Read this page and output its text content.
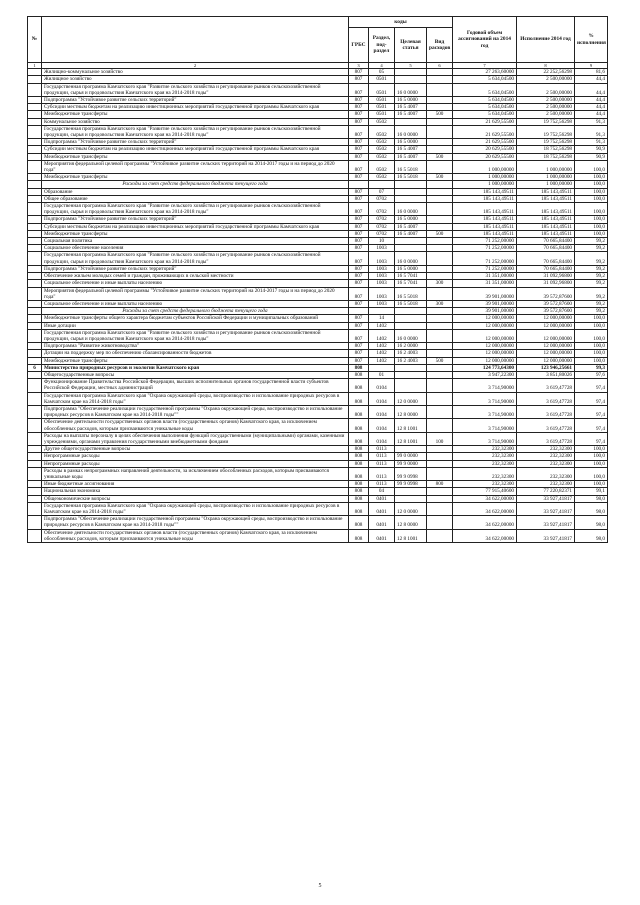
№		коды				Годовой объем ассигнований на 2014 год	Исполнение 2014 год	% исполнения
		ГРБС	Раздел, под-раздел	Целевая статья	Вид расходов			
1	2	3	4	5	6	7	8	9
	Жилищно-коммунальное хозяйство	807	05			27 263,60000	22 252,56298	81,6
	Жилищное хозяйство	807	0501			5 634,04500	2 500,00000	44,4
	Государственная программа Камчатского края "Развитие сельского хозяйства и регулирование рынков сельскохозяйственной продукции, сырья и продовольствия Камчатского края на 2014-2018 годы"	807	0501	16 0 0000		5 634,04500	2 500,00000	44,4
	Подпрограмма "Устойчивое развитие сельских территорий"	807	0501	16 5 0000		5 634,04500	2 500,00000	44,4
	Субсидии местным бюджетам на реализацию инвестиционных мероприятий государственной программы Камчатского края	807	0501	16 5 4007		5 634,04500	2 500,00000	44,4
	Межбюджетные трансферты	807	0501	16 5 4007	500	5 634,04500	2 500,00000	44,4
	Коммунальное хозяйство	807	0502			21 629,55500	19 752,56298	91,3
	Государственная программа Камчатского края "Развитие сельского хозяйства и регулирование рынков сельскохозяйственной продукции, сырья и продовольствия Камчатского края на 2014-2018 годы"	807	0502	16 0 0000		21 629,55500	19 752,56298	91,3
	Подпрограмма "Устойчивое развитие сельских территорий"	807	0502	16 5 0000		21 629,55500	19 752,56298	91,3
	Субсидии местным бюджетам на реализацию инвестиционных мероприятий государственной программы Камчатского края	807	0502	16 5 4007		20 629,55500	18 752,56298	90,9
	Межбюджетные трансферты	807	0502	16 5 4007	500	20 629,55500	18 752,56298	90,9
	Мероприятия федеральной целевой программы "Устойчивое развитие сельских территорий на 2014-2017 годы и на период до 2020 года"	807	0502	16 5 5018		1 000,00000	1 000,00000	100,0
	Межбюджетные трансферты	807	0502	16 5 5018	500	1 000,00000	1 000,00000	100,0
	Расходы за счет средств федерального бюджета текущего года					1 000,00000	1 000,00000	100,0
	Образование	807	07			185 143,49511	185 143,49511	100,0
	Общее образование	807	0702			185 143,49511	185 143,49511	100,0
	Государственная программа Камчатского края "Развитие сельского хозяйства и регулирование рынков сельскохозяйственной продукции, сырья и продовольствия Камчатского края на 2014-2018 годы"	807	0702	16 0 0000		185 143,49511	185 143,49511	100,0
	Подпрограмма "Устойчивое развитие сельских территорий"	807	0702	16 5 0000		185 143,49511	185 143,49511	100,0
	Субсидии местным бюджетам на реализацию инвестиционных мероприятий государственной программы Камчатского края	807	0702	16 5 4007		185 143,49511	185 143,49511	100,0
	Межбюджетные трансферты	807	0702	16 5 4007	500	185 143,49511	185 143,49511	100,0
	Социальная политика	807	10			71 252,00000	70 665,84400	99,2
	Социальное обеспечение населения	807	1003			71 252,00000	70 665,84400	99,2
	Государственная программа Камчатского края "Развитие сельского хозяйства и регулирование рынков сельскохозяйственной продукции, сырья и продовольствия Камчатского края на 2014-2018 годы"	807	1003	16 0 0000		71 252,00000	70 665,84400	99,2
	Подпрограмма "Устойчивое развитие сельских территорий"	807	1003	16 5 0000		71 252,00000	70 665,84400	99,2
	Обеспечение жильем молодых семей и граждан, проживающих в сельской местности	807	1003	16 5 7041		31 351,00000	31 092,96800	99,2
	Социальное обеспечение и иные выплаты населению	807	1003	16 5 7041	300	31 351,00000	31 092,96800	99,2
	Мероприятия федеральной целевой программы "Устойчивое развитие сельских территорий на 2014-2017 годы и на период до 2020 года"	807	1003	16 5 5018		39 901,00000	39 572,87600	99,2
	Социальное обеспечение и иные выплаты населению	807	1003	16 5 5018	300	39 901,00000	39 572,87600	99,2
	Расходы за счет средств федерального бюджета текущего года					39 901,00000	39 572,87600	99,2
	Межбюджетные трансферты общего характера бюджетам субъектов Российской Федерации и муниципальных образований	807	14			12 000,00000	12 000,00000	100,0
	Иные дотации	807	1402			12 000,00000	12 000,00000	100,0
	Государственная программа Камчатского края "Развитие сельского хозяйства и регулирование рынков сельскохозяйственной продукции, сырья и продовольствия Камчатского края на 2014-2018 годы"	807	1402	16 0 0000		12 000,00000	12 000,00000	100,0
	Подпрограмма "Развитие животноводства"	807	1402	16 2 0000		12 000,00000	12 000,00000	100,0
	Дотации на поддержку мер по обеспечению сбалансированности бюджетов	807	1402	16 2 4003		12 000,00000	12 000,00000	100,0
	Межбюджетные трансферты	807	1402	16 2 4003	500	12 000,00000	12 000,00000	100,0
6	Министерство природных ресурсов и экологии Камчатского края	808				124 773,64300	123 946,25661	99,3
	Общегосударственные вопросы	808	01			3 947,22300	3 851,80026	97,6
	Функционирование Правительства Российской Федерации, высших исполнительных органов государственной власти субъектов Российской Федерации, местных администраций	808	0104			3 714,90000	3 619,47728	97,4
	Государственная программа Камчатского края "Охрана окружающей среды, воспроизводство и использование природных ресурсов в Камчатском крае на 2014-2018 годы"	808	0104	12 0 0000		3 714,90000	3 619,47728	97,4
	Подпрограмма "Обеспечение реализации государственной программы "Охрана окружающей среды, воспроизводство и использование природных ресурсов в Камчатском крае на 2014-2018 годы""	808	0104	12 8 0000		3 714,90000	3 619,47728	97,4
	Обеспечение деятельности государственных органов власти (государственных органов) Камчатского края, за исключением обособленных расходов, которым присваиваются уникальные коды	808	0104	12 8 1001		3 714,90000	3 619,47728	97,4
	Расходы на выплаты персоналу в целях обеспечения выполнения функций государственными (муниципальными) органами, казенными учреждениями, органами управления государственными внебюджетными фондами	808	0104	12 8 1001	100	3 714,90000	3 619,47728	97,4
	Другие общегосударственные вопросы	808	0113			232,32300	232,32300	100,0
	Непрограммные расходы	808	0113	99 0 0000		232,32300	232,32300	100,0
	Непрограммные расходы	808	0113	99 9 0000		232,32300	232,32300	100,0
	Расходы в рамках непрограммных направлений деятельности, за исключением обособленных расходов, которым присваиваются уникальные коды	808	0113	99 9 0998		232,32300	232,32300	100,0
	Иные бюджетные ассигнования	808	0113	99 9 0998	800	232,32300	232,32300	100,0
	Национальная экономика	808	04			77 915,40600	77 220,82371	99,1
	Общеэкономические вопросы	808	0401			34 622,00000	33 927,41817	98,0
	Государственная программа Камчатского края "Охрана окружающей среды, воспроизводство и использование природных ресурсов в Камчатском крае на 2014-2018 годы"	808	0401	12 0 0000		34 622,00000	33 927,41817	98,0
	Подпрограмма "Обеспечение реализации государственной программы "Охрана окружающей среды, воспроизводство и использование природных ресурсов в Камчатском крае на 2014-2018 годы""	808	0401	12 8 0000		34 622,00000	33 927,41817	98,0
	Обеспечение деятельности государственных органов власти (государственных органов) Камчатского края, за исключением обособленных расходов, которым присваиваются уникальные коды	808	0401	12 8 1001		34 622,00000	33 927,41817	98,0
5
